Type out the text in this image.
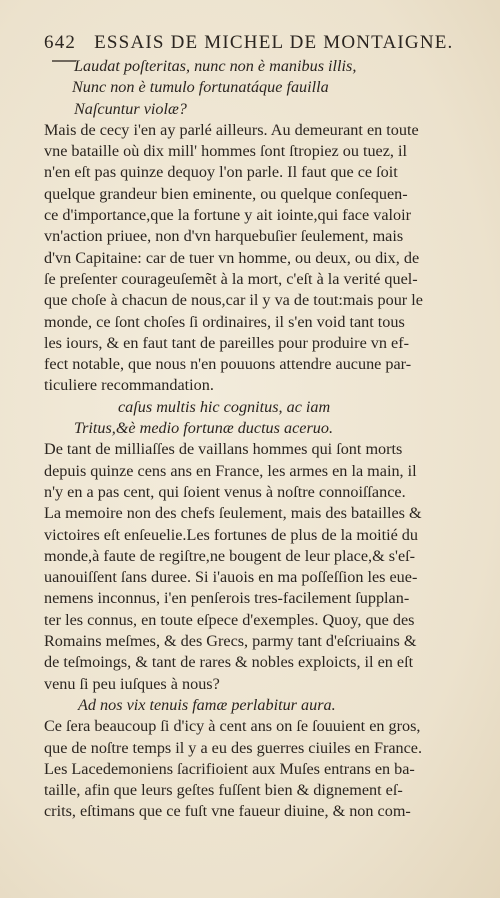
642 ESSAIS DE MICHEL DE MONTAIGNE.
Laudat poſteritas, nunc non è manibus illis,
Nunc non è tumulo fortunatáque fauilla
Naſcuntur violæ?
Mais de cecy i'en ay parlé ailleurs. Au demeurant en toute
vne bataille où dix mill' hommes ſont ſtropiez ou tuez, il
n'en eſt pas quinze dequoy l'on parle. Il faut que ce ſoit
quelque grandeur bien eminente, ou quelque conſequen-
ce d'importance,que la fortune y ait iointe,qui face valoir
vn'action priuee, non d'vn harquebuſier ſeulement, mais
d'vn Capitaine: car de tuer vn homme, ou deux, ou dix, de
ſe preſenter courageuſemẽt à la mort, c'eſt à la verité quel-
que choſe à chacun de nous,car il y va de tout:mais pour le
monde, ce ſont choſes ſi ordinaires, il s'en void tant tous
les iours, & en faut tant de pareilles pour produire vn ef-
fect notable, que nous n'en pouuons attendre aucune par-
ticuliere recommandation.
caſus multis hic cognitus, ac iam
Tritus,&è medio fortunæ ductus aceruo.
De tant de milliaſſes de vaillans hommes qui ſont morts
depuis quinze cens ans en France, les armes en la main, il
n'y en a pas cent, qui ſoient venus à noſtre connoiſſance.
La memoire non des chefs ſeulement, mais des batailles &
victoires eſt enſeuelie.Les fortunes de plus de la moitié du
monde,à faute de regiſtre,ne bougent de leur place,& s'eſ-
uanouiſſent ſans duree. Si i'auois en ma poſſeſſion les eue-
nemens inconnus, i'en penſerois tres-facilement ſupplan-
ter les connus, en toute eſpece d'exemples. Quoy, que des
Romains meſmes, & des Grecs, parmy tant d'eſcriuains &
de teſmoings, & tant de rares & nobles exploicts, il en eſt
venu ſi peu iuſques à nous?
Ad nos vix tenuis famæ perlabitur aura.
Ce ſera beaucoup ſi d'icy à cent ans on ſe ſouuient en gros,
que de noſtre temps il y a eu des guerres ciuiles en France.
Les Lacedemoniens ſacrifioient aux Muſes entrans en ba-
taille, afin que leurs geſtes fuſſent bien & dignement eſ-
crits, eſtimans que ce fuſt vne faueur diuine, & non com-
